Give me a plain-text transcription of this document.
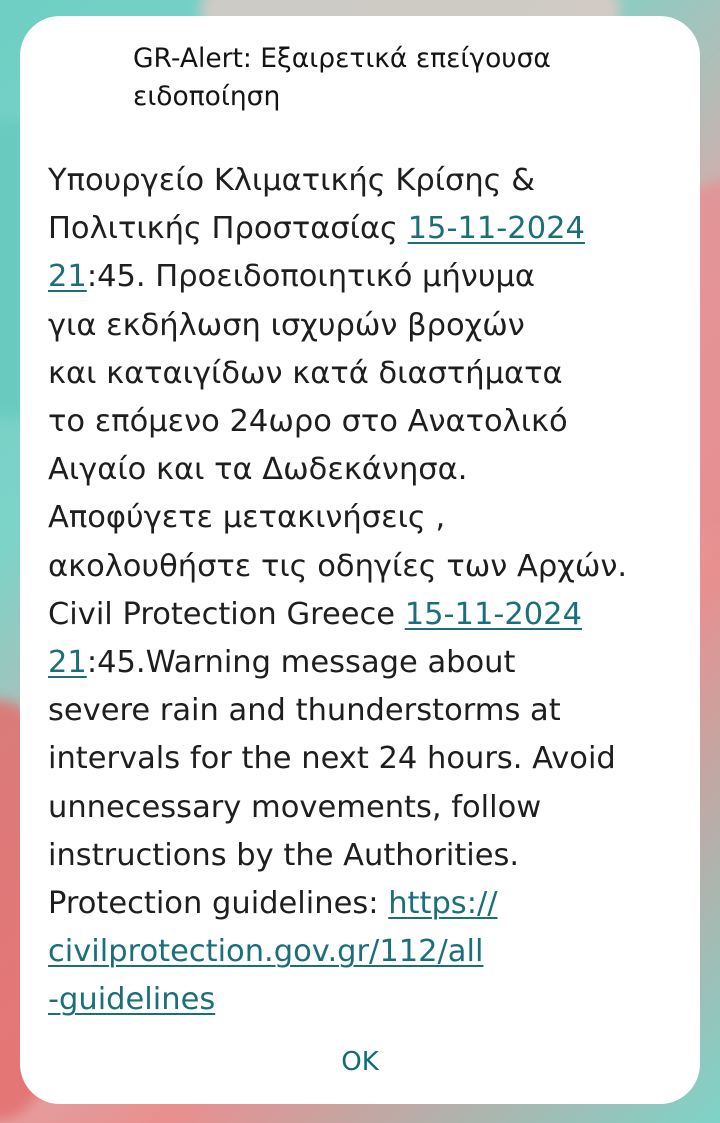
GR-Alert: Εξαιρετικά επείγουσα ειδοποίηση
Υπουργείο Κλιματικής Κρίσης &
Πολιτικής Προστασίας 15-11-2024
21:45. Προειδοποιητικό μήνυμα
για εκδήλωση ισχυρών βροχών
και καταιγίδων κατά διαστήματα
το επόμενο 24ωρο στο Ανατολικό
Αιγαίο και τα Δωδεκάνησα.
Αποφύγετε μετακινήσεις ,
ακολουθήστε τις οδηγίες των Αρχών.
Civil Protection Greece 15-11-2024
21:45.Warning message about
severe rain and thunderstorms at
intervals for the next 24 hours. Avoid
unnecessary movements, follow
instructions by the Authorities.
Protection guidelines: https://
civilprotection.gov.gr/112/all
-guidelines
OK
